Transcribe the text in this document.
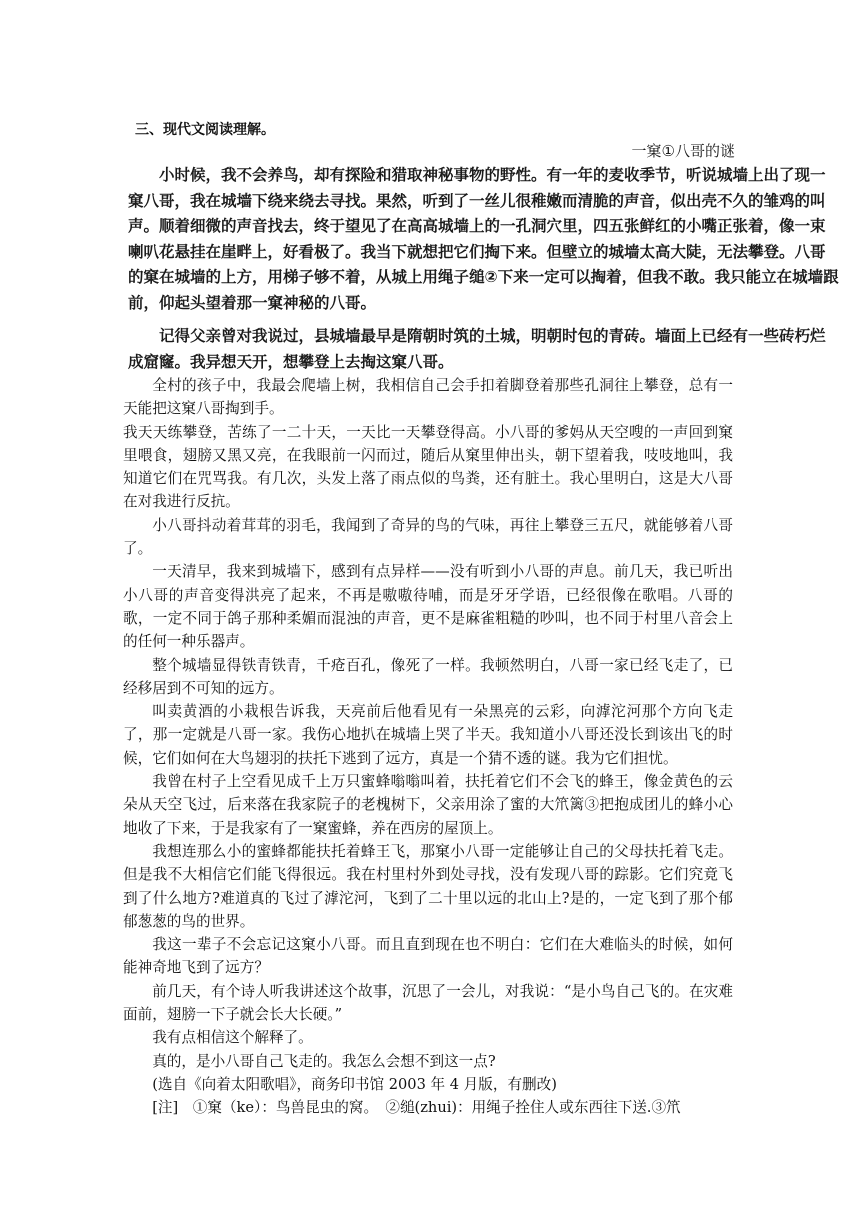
三、现代文阅读理解。
一窠①八哥的谜

小时候，我不会养鸟，却有探险和猎取神秘事物的野性。有一年的麦收季节，听说城墙上出了现一窠八哥，我在城墙下绕来绕去寻找。果然，听到了一丝儿很稚嫩而清脆的声音，似出壳不久的雏鸡的叫声。顺着细微的声音找去，终于望见了在高高城墙上的一孔洞穴里，四五张鲜红的小嘴正张着，像一束喇叭花悬挂在崖畔上，好看极了。我当下就想把它们掏下来。但壁立的城墙太高大陡，无法攀登。八哥的窠在城墙的上方，用梯子够不着，从城上用绳子缒②下来一定可以掏着，但我不敢。我只能立在城墙跟前，仰起头望着那一窠神秘的八哥。

记得父亲曾对我说过，县城墙最早是隋朝时筑的土城，明朝时包的青砖。墙面上已经有一些砖朽烂成窟窿。我异想天开，想攀登上去掏这窠八哥。

全村的孩子中，我最会爬墙上树，我相信自己会手扣着脚登着那些孔洞往上攀登，总有一天能把这窠八哥掏到手。

我天天练攀登，苦练了一二十天，一天比一天攀登得高。小八哥的爹妈从天空嗖的一声回到窠里喂食，翅膀又黑又亮，在我眼前一闪而过，随后从窠里伸出头，朝下望着我，吱吱地叫，我知道它们在咒骂我。有几次，头发上落了雨点似的鸟粪，还有脏土。我心里明白，这是大八哥在对我进行反抗。

小八哥抖动着茸茸的羽毛，我闻到了奇异的鸟的气味，再往上攀登三五尺，就能够着八哥了。

一天清早，我来到城墙下，感到有点异样——没有听到小八哥的声息。前几天，我已听出小八哥的声音变得洪亮了起来，不再是嗷嗷待哺，而是牙牙学语，已经很像在歌唱。八哥的歌，一定不同于鸽子那种柔媚而混浊的声音，更不是麻雀粗糙的吵叫，也不同于村里八音会上的任何一种乐器声。

整个城墙显得铁青铁青，千疮百孔，像死了一样。我顿然明白，八哥一家已经飞走了，已经移居到不可知的远方。

叫卖黄酒的小栽根告诉我，天亮前后他看见有一朵黑亮的云彩，向滹沱河那个方向飞走了，那一定就是八哥一家。我伤心地扒在城墙上哭了半天。我知道小八哥还没长到该出飞的时候，它们如何在大鸟翅羽的扶托下逃到了远方，真是一个猜不透的谜。我为它们担忧。

我曾在村子上空看见成千上万只蜜蜂嗡嗡叫着，扶托着它们不会飞的蜂王，像金黄色的云朵从天空飞过，后来落在我家院子的老槐树下，父亲用涂了蜜的大笊篱③把抱成团儿的蜂小心地收了下来，于是我家有了一窠蜜蜂，养在西房的屋顶上。

我想连那么小的蜜蜂都能扶托着蜂王飞，那窠小八哥一定能够让自己的父母扶托着飞走。但是我不大相信它们能飞得很远。我在村里村外到处寻找，没有发现八哥的踪影。它们究竟飞到了什么地方?难道真的飞过了滹沱河，飞到了二十里以远的北山上?是的，一定飞到了那个郁郁葱葱的鸟的世界。

我这一辈子不会忘记这窠小八哥。而且直到现在也不明白：它们在大难临头的时候，如何能神奇地飞到了远方？

前几天，有个诗人听我讲述这个故事，沉思了一会儿，对我说：“是小鸟自己飞的。在灾难面前，翅膀一下子就会长大长硬。”

我有点相信这个解释了。

真的，是小八哥自己飞走的。我怎么会想不到这一点?

(选自《向着太阳歌唱》，商务印书馆 2003 年 4 月版，有删改)

[注]　①窠（ke）：鸟兽昆虫的窝。　②缒(zhui)：用绳子拴住人或东西往下送.③笊
